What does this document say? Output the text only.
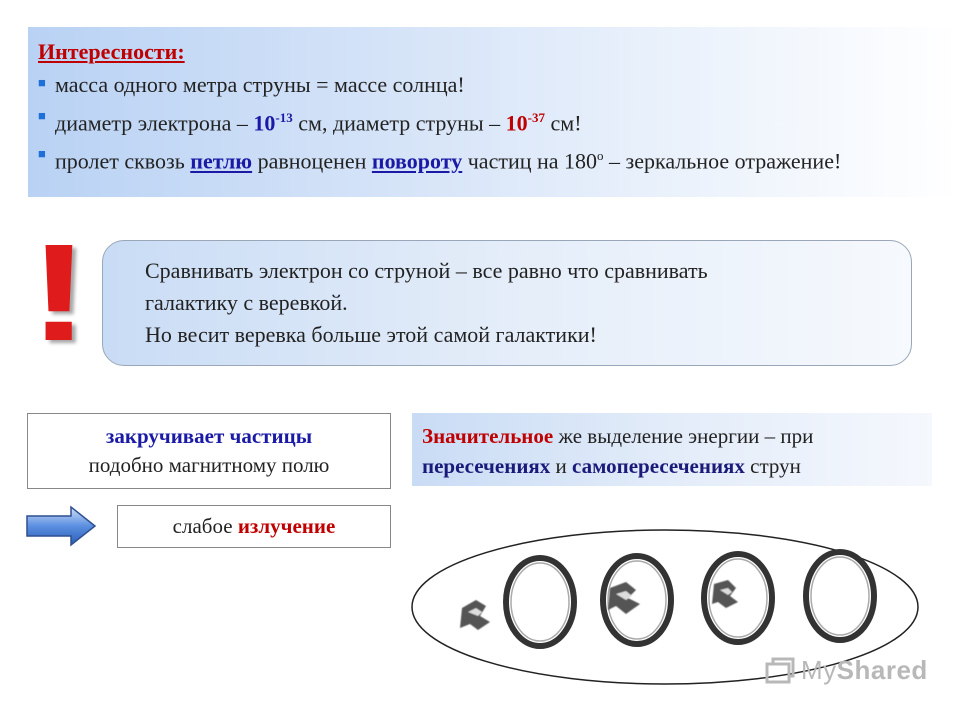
Интересности:
■ масса одного метра струны = массе солнца!
■ диаметр электрона – $10^{-13}$ см, диаметр струны – $10^{-37}$ см!
■ пролет сквозь петлю равноценен повороту частиц на $180^о$ – зеркальное отражение!
! Сравнивать электрон со струной – все равно что сравнивать
галактику с веревкой.
Но весит веревка больше этой самой галактики!
закручивает частицы
подобно магнитному полю
Значительное же выделение энергии – при пересечениях и самопересечениях струн
слабое излучение
MyShared
